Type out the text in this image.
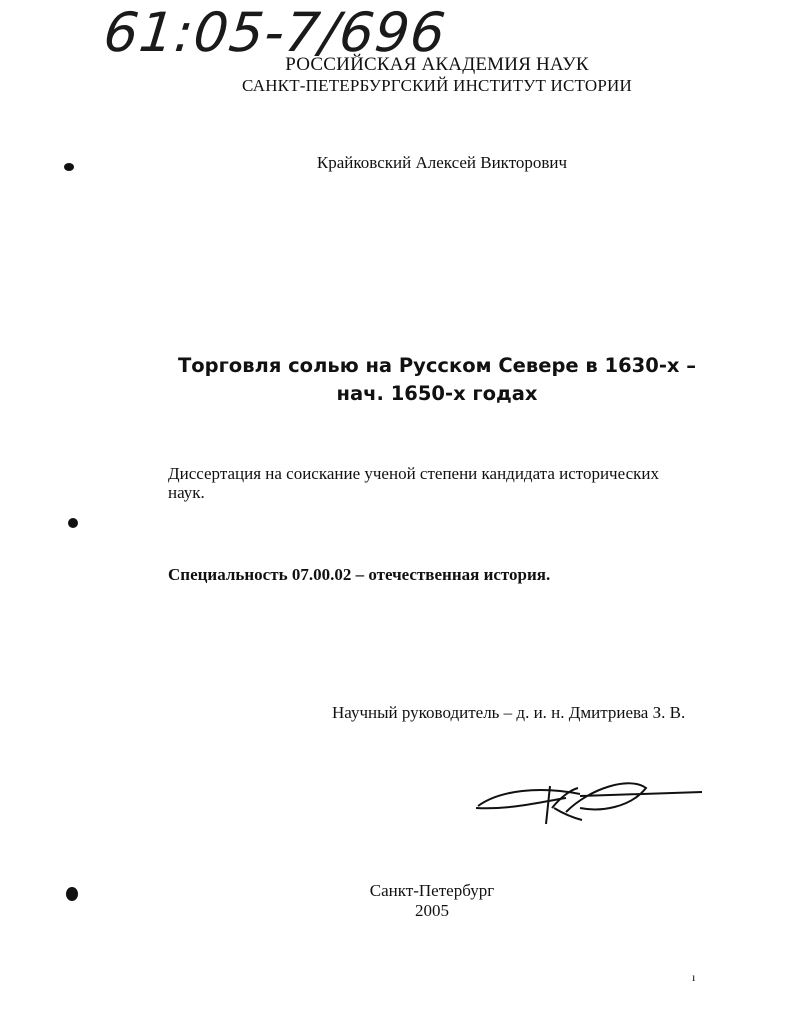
61:05-7/696
РОССИЙСКАЯ АКАДЕМИЯ НАУК
САНКТ-ПЕТЕРБУРГСКИЙ ИНСТИТУТ ИСТОРИИ
Крайковский Алексей Викторович
Торговля солью на Русском Севере в 1630-х –
нач. 1650-х годах
Диссертация на соискание ученой степени кандидата исторических наук.
Специальность 07.00.02 – отечественная история.
Научный руководитель – д. и. н. Дмитриева З. В.
Санкт-Петербург
2005
ı
